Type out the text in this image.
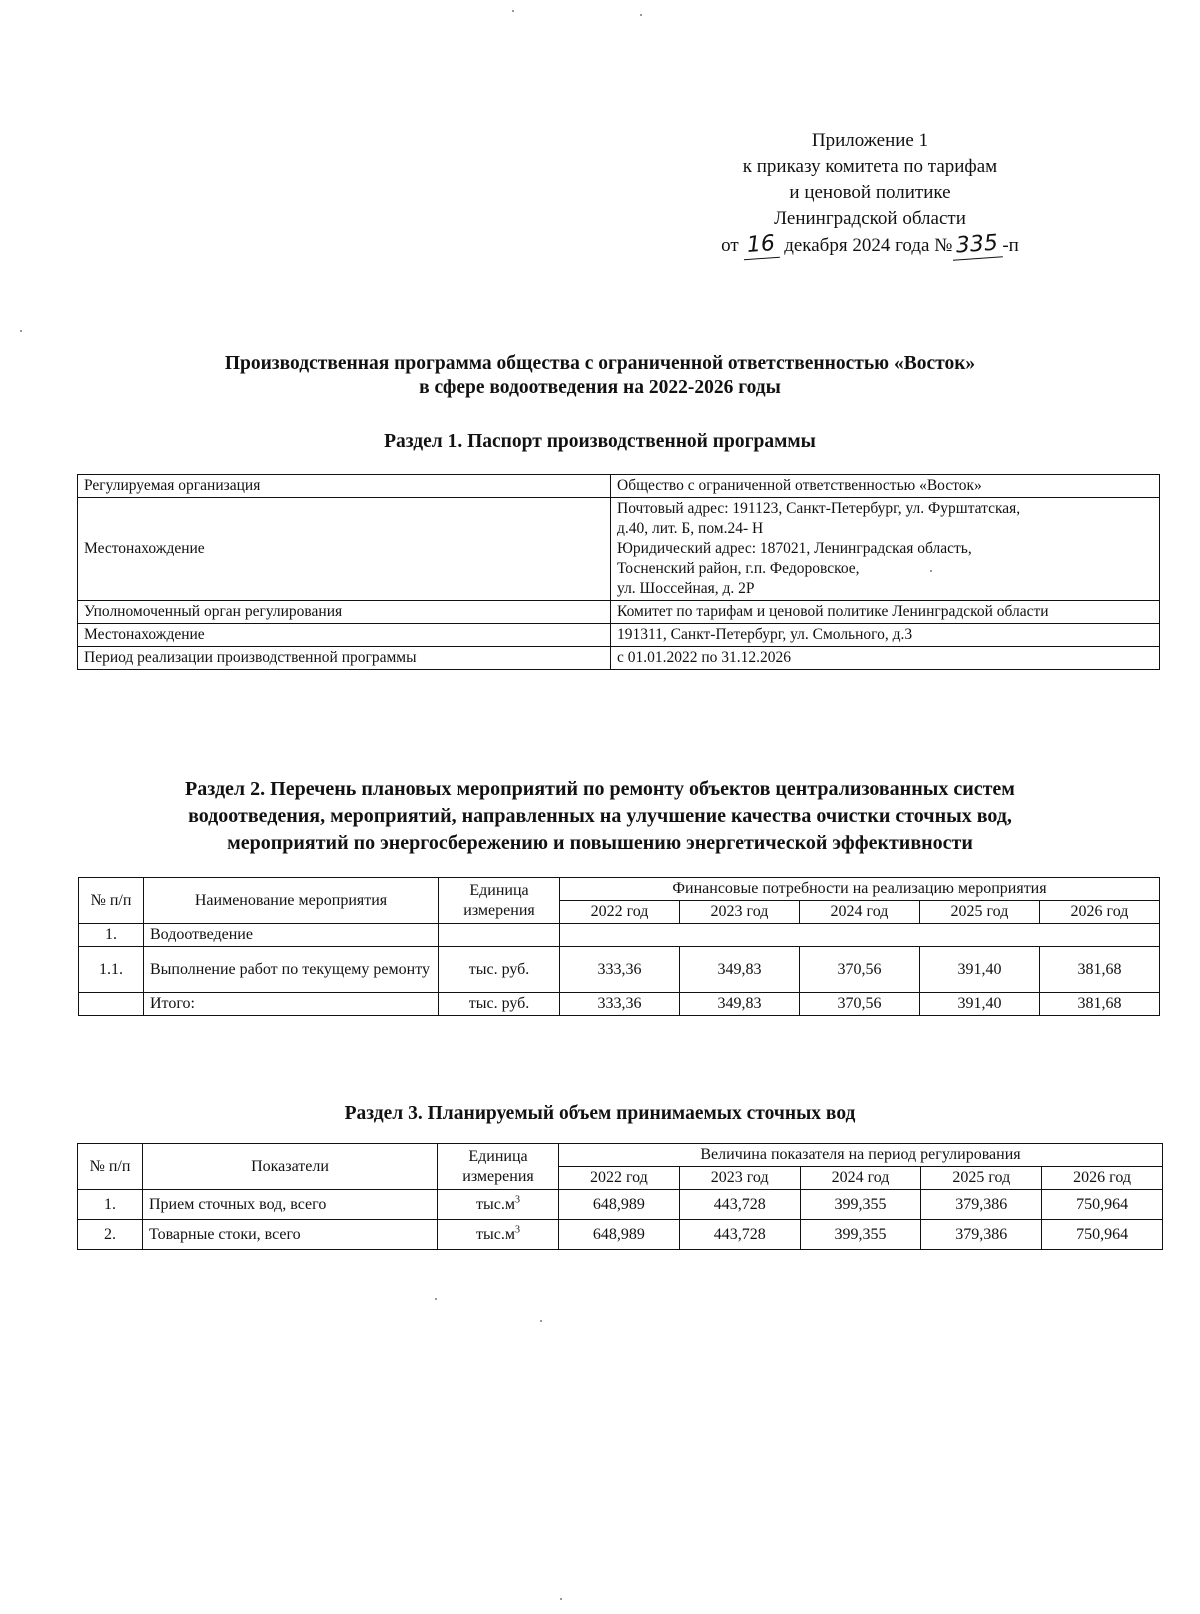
Приложение 1
к приказу комитета по тарифам
и ценовой политике
Ленинградской области
от 16 декабря 2024 года № 335 -п
Производственная программа общества с ограниченной ответственностью «Восток»
в сфере водоотведения на 2022-2026 годы
Раздел 1. Паспорт производственной программы
Регулируемая организация	Общество с ограниченной ответственностью «Восток»
Местонахождение	Почтовый адрес: 191123, Санкт-Петербург, ул. Фурштатская,
д.40, лит. Б, пом.24- Н
Юридический адрес: 187021, Ленинградская область,
Тосненский район, г.п. Федоровское,
ул. Шоссейная, д. 2Р

Уполномоченный орган регулирования	Комитет по тарифам и ценовой политике Ленинградской области
Местонахождение	191311, Санкт-Петербург, ул. Смольного, д.3
Период реализации производственной программы	с 01.01.2022 по 31.12.2026
Раздел 2. Перечень плановых мероприятий по ремонту объектов централизованных систем
водоотведения, мероприятий, направленных на улучшение качества очистки сточных вод,
мероприятий по энергосбережению и повышению энергетической эффективности
№ п/п	Наименование мероприятия	Единица измерения	Финансовые потребности на реализацию мероприятия				
			2022 год	2023 год	2024 год	2025 год	2026 год
1.	Водоотведение						
1.1.	Выполнение работ по текущему ремонту	тыс. руб.	333,36	349,83	370,56	391,40	381,68
	Итого:	тыс. руб.	333,36	349,83	370,56	391,40	381,68
Раздел 3. Планируемый объем принимаемых сточных вод
№ п/п	Показатели	Единица измерения	Величина показателя на период регулирования				
			2022 год	2023 год	2024 год	2025 год	2026 год
1.	Прием сточных вод, всего	$тыс.м^3$	648,989	443,728	399,355	379,386	750,964
2.	Товарные стоки, всего	$тыс.м^3$	648,989	443,728	399,355	379,386	750,964
